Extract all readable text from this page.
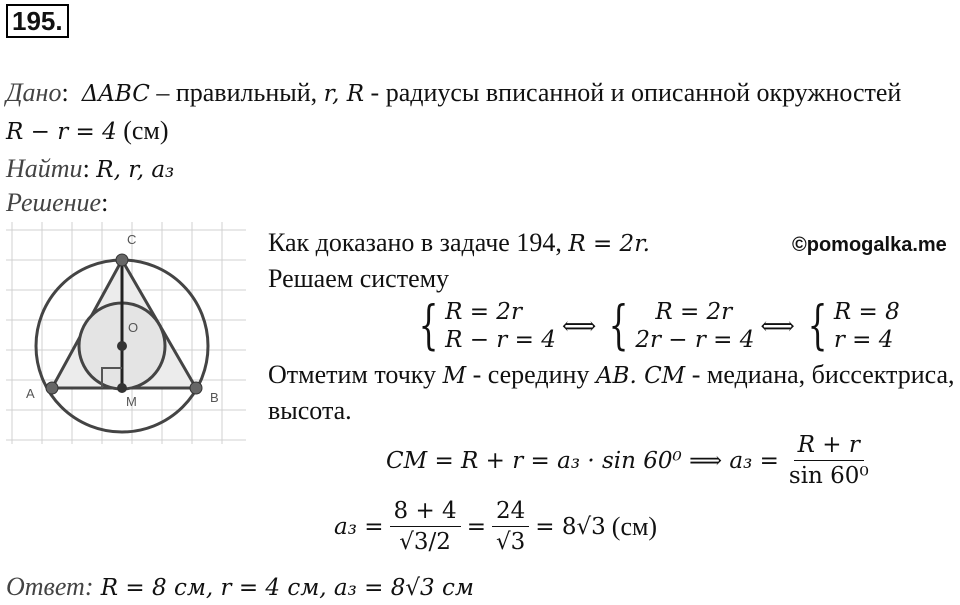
195.
Дано: ΔABC – правильный, r, R - радиусы вписанной и описанной окружностей
R − r = 4 (см)
Найти: R, r, a₃
Решение:
C
O
A
M	B
Как доказано в задаче 194, R = 2r.	©pomogalka.me
Решаем систему
{ R = 2r
R − r = 4 ⟺ {	R = 2r
2r − r = 4 ⟺ { R = 8
r = 4
Отметим точку M - середину AB. CM - медиана, биссектриса,
высота.
CM = R + r = a₃ · sin 60⁰ ⟹ $a_3 = \frac{R + r}{\text{sin 60⁰}}$
$a_3 = \frac{8 + 4}{√3/2} = \frac{24}{√3} = 8√3$ (см)
Ответ: R = 8 см, r = 4 см, a₃ = 8√3 см
